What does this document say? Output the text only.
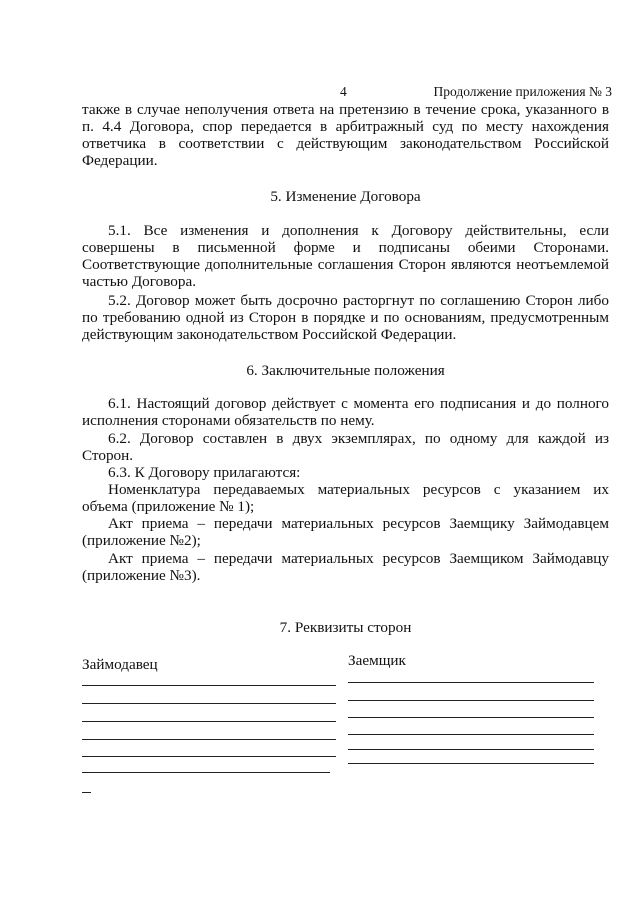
4	Продолжение приложения № 3

также в случае неполучения ответа на претензию в течение срока, указанного в

п. 4.4 Договора, спор передается в арбитражный суд по месту нахождения

ответчика в соответствии с действующим законодательством Российской

Федерации.

5. Изменение Договора

5.1. Все изменения и дополнения к Договору действительны, если

совершены в письменной форме и подписаны обеими Сторонами.

Соответствующие дополнительные соглашения Сторон являются неотъемлемой

частью Договора.

5.2. Договор может быть досрочно расторгнут по соглашению Сторон либо

по требованию одной из Сторон в порядке и по основаниям, предусмотренным

действующим законодательством Российской Федерации.

6. Заключительные положения

6.1. Настоящий договор действует с момента его подписания и до полного

исполнения сторонами обязательств по нему.

6.2. Договор составлен в двух экземплярах, по одному для каждой из

Сторон.

6.3. К Договору прилагаются:

Номенклатура передаваемых материальных ресурсов с указанием их

объема (приложение № 1);

Акт приема – передачи материальных ресурсов Заемщику Займодавцем

(приложение №2);

Акт приема – передачи материальных ресурсов Заемщиком Займодавцу

(приложение №3).

7. Реквизиты сторон
Займодавец	Заемщик
